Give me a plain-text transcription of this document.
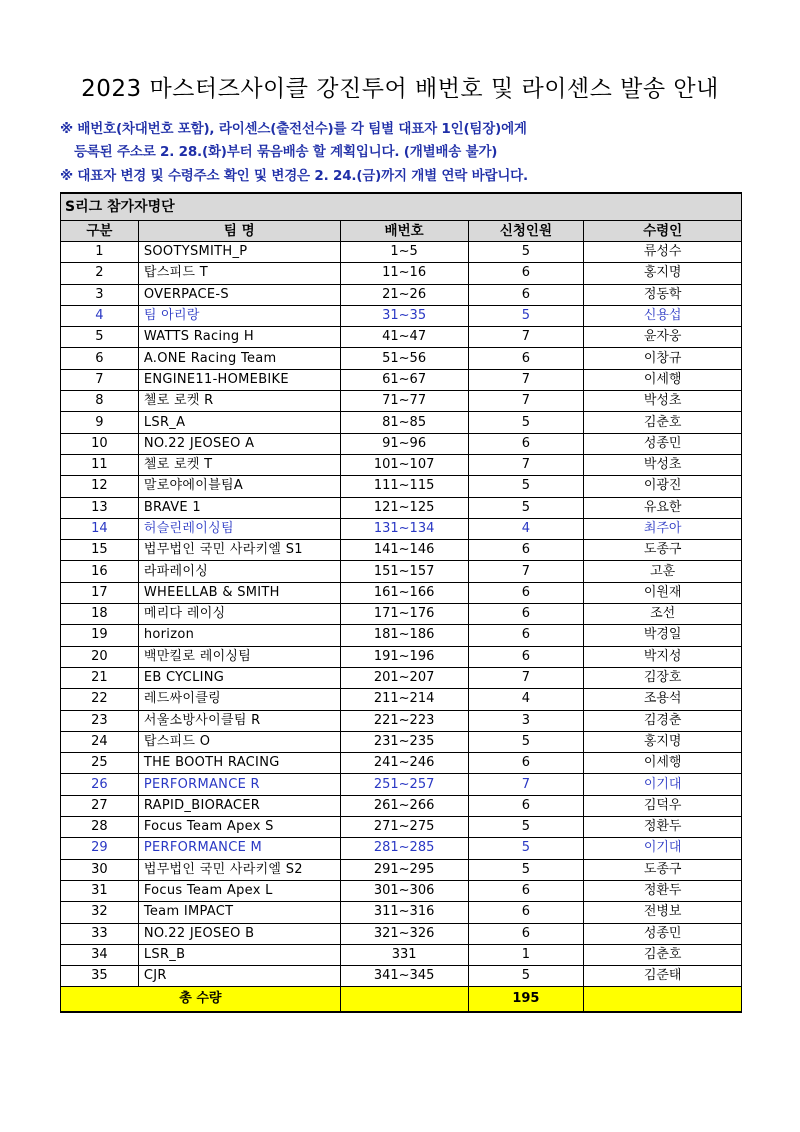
2023 마스터즈사이클 강진투어 배번호 및 라이센스 발송 안내
※ 배번호(차대번호 포함), 라이센스(출전선수)를 각 팀별 대표자 1인(팀장)에게
등록된 주소로 2. 28.(화)부터 묶음배송 할 계획입니다. (개별배송 불가)
※ 대표자 변경 및 수령주소 확인 및 변경은 2. 24.(금)까지 개별 연락 바랍니다.
S리그 참가자명단				
구분	팀 명	배번호	신청인원	수령인
1	SOOTYSMITH_P	1~5	5	류성수
2	탑스피드 T	11~16	6	홍지명
3	OVERPACE-S	21~26	6	정동학
4	팀 아리랑	31~35	5	신용섭
5	WATTS Racing H	41~47	7	윤자웅
6	A.ONE Racing Team	51~56	6	이창규
7	ENGINE11-HOMEBIKE	61~67	7	이세행
8	첼로 로켓 R	71~77	7	박성초
9	LSR_A	81~85	5	김춘호
10	NO.22 JEOSEO A	91~96	6	성종민
11	첼로 로켓 T	101~107	7	박성초
12	말로야에이블팀A	111~115	5	이광진
13	BRAVE 1	121~125	5	유요한
14	허슬린레이싱팀	131~134	4	최주아
15	법무법인 국민 사라키엘 S1	141~146	6	도종구
16	라파레이싱	151~157	7	고훈
17	WHEELLAB & SMITH	161~166	6	이원재
18	메리다 레이싱	171~176	6	조선
19	horizon	181~186	6	박경일
20	백만킬로 레이싱팀	191~196	6	박지성
21	EB CYCLING	201~207	7	김장호
22	레드싸이클링	211~214	4	조용석
23	서울소방사이클팀 R	221~223	3	김경춘
24	탑스피드 O	231~235	5	홍지명
25	THE BOOTH RACING	241~246	6	이세행
26	PERFORMANCE R	251~257	7	이기대
27	RAPID_BIORACER	261~266	6	김덕우
28	Focus Team Apex S	271~275	5	정환두
29	PERFORMANCE M	281~285	5	이기대
30	법무법인 국민 사라키엘 S2	291~295	5	도종구
31	Focus Team Apex L	301~306	6	정환두
32	Team IMPACT	311~316	6	전병보
33	NO.22 JEOSEO B	321~326	6	성종민
34	LSR_B	331	1	김춘호
35	CJR	341~345	5	김준태
총 수량			195	
